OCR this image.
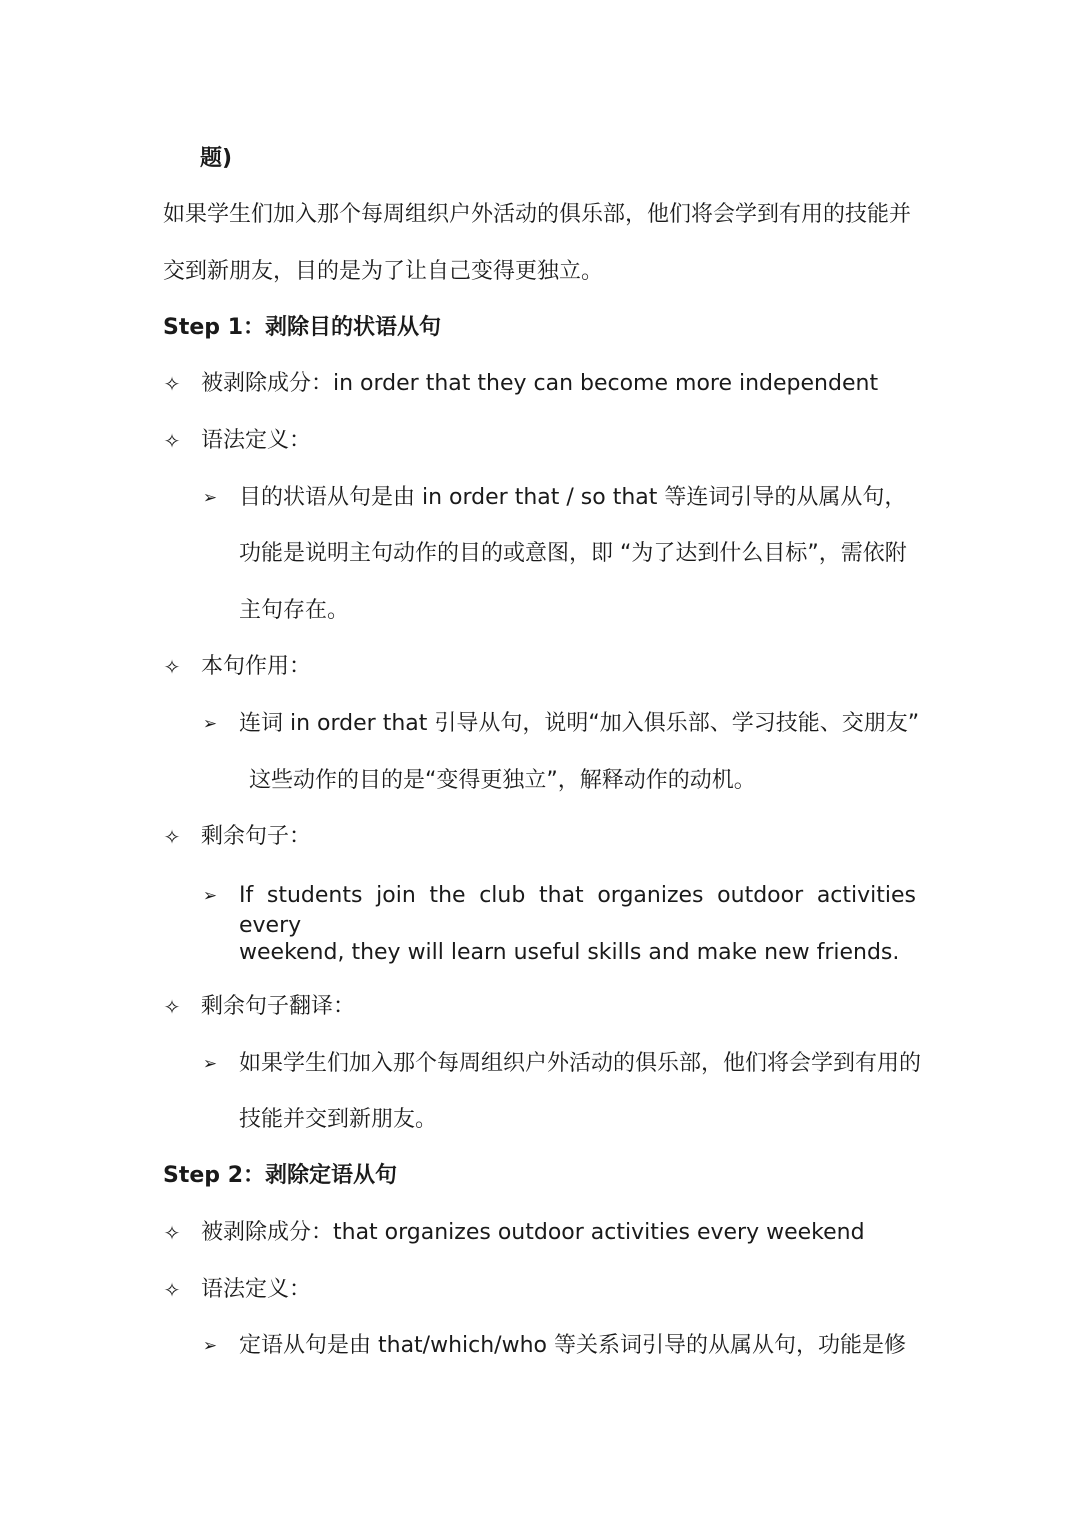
题)
如果学生们加入那个每周组织户外活动的俱乐部，他们将会学到有用的技能并
交到新朋友，目的是为了让自己变得更独立。
Step 1：剥除目的状语从句
✧ 被剥除成分：in order that they can become more independent
✧ 语法定义：
➢ 目的状语从句是由 in order that / so that 等连词引导的从属从句，
功能是说明主句动作的目的或意图，即 “为了达到什么目标”，需依附
主句存在。
✧ 本句作用：
➢ 连词 in order that 引导从句，说明“加入俱乐部、学习技能、交朋友”
这些动作的目的是“变得更独立”，解释动作的动机。
✧ 剩余句子：
➢ If students join the club that organizes outdoor activities every
weekend, they will learn useful skills and make new friends.
✧ 剩余句子翻译：
➢ 如果学生们加入那个每周组织户外活动的俱乐部，他们将会学到有用的
技能并交到新朋友。
Step 2：剥除定语从句
✧ 被剥除成分：that organizes outdoor activities every weekend
✧ 语法定义：
➢ 定语从句是由 that/which/who 等关系词引导的从属从句，功能是修
